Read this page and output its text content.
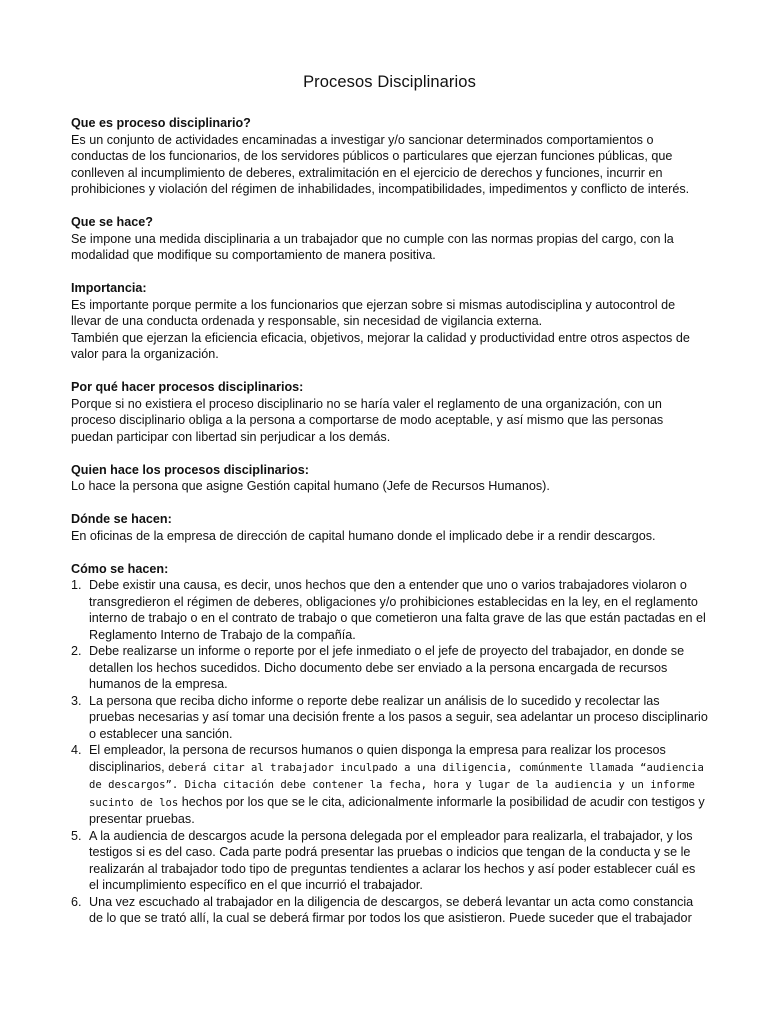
Procesos Disciplinarios

Que es proceso disciplinario?

Es un conjunto de actividades encaminadas a investigar y/o sancionar determinados comportamientos o conductas de los funcionarios, de los servidores públicos o particulares que ejerzan funciones públicas, que conlleven al incumplimiento de deberes, extralimitación en el ejercicio de derechos y funciones, incurrir en prohibiciones y violación del régimen de inhabilidades, incompatibilidades, impedimentos y conflicto de interés.

Que se hace?

Se impone una medida disciplinaria a un trabajador que no cumple con las normas propias del cargo, con la modalidad que modifique su comportamiento de manera positiva.

Importancia:

Es importante porque permite a los funcionarios que ejerzan sobre si mismas autodisciplina y autocontrol de llevar de una conducta ordenada y responsable, sin necesidad de vigilancia externa.

También que ejerzan la eficiencia eficacia, objetivos, mejorar la calidad y productividad entre otros aspectos de valor para la organización.

Por qué hacer procesos disciplinarios:

Porque si no existiera el proceso disciplinario no se haría valer el reglamento de una organización, con un proceso disciplinario obliga a la persona a comportarse de modo aceptable, y así mismo que las personas puedan participar con libertad sin perjudicar a los demás.

Quien hace los procesos disciplinarios:

Lo hace la persona que asigne Gestión capital humano (Jefe de Recursos Humanos).

Dónde se hacen:

En oficinas de la empresa de dirección de capital humano donde el implicado debe ir a rendir descargos.

Cómo se hacen:

1. Debe existir una causa, es decir, unos hechos que den a entender que uno o varios trabajadores violaron o transgredieron el régimen de deberes, obligaciones y/o prohibiciones establecidas en la ley, en el reglamento interno de trabajo o en el contrato de trabajo o que cometieron una falta grave de las que están pactadas en el Reglamento Interno de Trabajo de la compañía.
2. Debe realizarse un informe o reporte por el jefe inmediato o el jefe de proyecto del trabajador, en donde se detallen los hechos sucedidos. Dicho documento debe ser enviado a la persona encargada de recursos humanos de la empresa.
3. La persona que reciba dicho informe o reporte debe realizar un análisis de lo sucedido y recolectar las pruebas necesarias y así tomar una decisión frente a los pasos a seguir, sea adelantar un proceso disciplinario o establecer una sanción.
4. El empleador, la persona de recursos humanos o quien disponga la empresa para realizar los procesos disciplinarios, deberá citar al trabajador inculpado a una diligencia, comúnmente llamada “audiencia de descargos”. Dicha citación debe contener la fecha, hora y lugar de la audiencia y un informe sucinto de los hechos por los que se le cita, adicionalmente informarle la posibilidad de acudir con testigos y presentar pruebas.
5. A la audiencia de descargos acude la persona delegada por el empleador para realizarla, el trabajador, y los testigos si es del caso. Cada parte podrá presentar las pruebas o indicios que tengan de la conducta y se le realizarán al trabajador todo tipo de preguntas tendientes a aclarar los hechos y así poder establecer cuál es el incumplimiento específico en el que incurrió el trabajador.
6. Una vez escuchado al trabajador en la diligencia de descargos, se deberá levantar un acta como constancia de lo que se trató allí, la cual se deberá firmar por todos los que asistieron. Puede suceder que el trabajador
